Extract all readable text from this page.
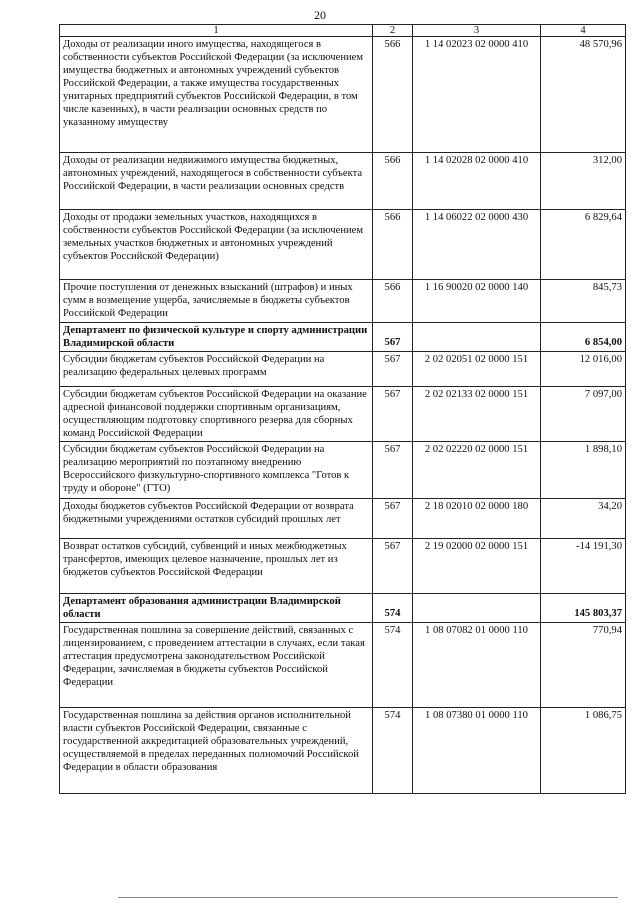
20
1	2	3	4
Доходы от реализации иного имущества, находящегося в собственности субъектов Российской Федерации (за исключением имущества бюджетных и автономных учреждений субъектов Российской Федерации, а также имущества государственных унитарных предприятий субъектов Российской Федерации, в том числе казенных), в части реализации основных средств по указанному имуществу	566	1 14 02023 02 0000 410	48 570,96
Доходы от реализации недвижимого имущества бюджетных, автономных учреждений, находящегося в собственности субъекта Российской Федерации, в части реализации основных средств	566	1 14 02028 02 0000 410	312,00
Доходы от продажи земельных участков, находящихся в собственности субъектов Российской Федерации (за исключением земельных участков бюджетных и автономных учреждений субъектов Российской Федерации)	566	1 14 06022 02 0000 430	6 829,64
Прочие поступления от денежных взысканий (штрафов) и иных сумм в возмещение ущерба, зачисляемые в бюджеты субъектов Российской Федерации	566	1 16 90020 02 0000 140	845,73
Департамент по физической культуре и спорту администрации Владимирской области	567		6 854,00
Субсидии бюджетам субъектов Российской Федерации на реализацию федеральных целевых программ	567	2 02 02051 02 0000 151	12 016,00
Субсидии бюджетам субъектов Российской Федерации на оказание адресной финансовой поддержки спортивным организациям, осуществляющим подготовку спортивного резерва для сборных команд Российской Федерации	567	2 02 02133 02 0000 151	7 097,00
Субсидии бюджетам субъектов Российской Федерации на реализацию мероприятий по поэтапному внедрению Всероссийского физкультурно-спортивного комплекса "Готов к труду и обороне" (ГТО)	567	2 02 02220 02 0000 151	1 898,10
Доходы бюджетов субъектов Российской Федерации от возврата бюджетными учреждениями остатков субсидий прошлых лет	567	2 18 02010 02 0000 180	34,20
Возврат остатков субсидий, субвенций и иных межбюджетных трансфертов, имеющих целевое назначение, прошлых лет из бюджетов субъектов Российской Федерации	567	2 19 02000 02 0000 151	-14 191,30
Департамент образования администрации Владимирской области	574		145 803,37
Государственная пошлина за совершение действий, связанных с лицензированием, с проведением аттестации в случаях, если такая аттестация предусмотрена законодательством Российской Федерации, зачисляемая в бюджеты субъектов Российской Федерации	574	1 08 07082 01 0000 110	770,94
Государственная пошлина за действия органов исполнительной власти субъектов Российской Федерации, связанные с государственной аккредитацией образовательных учреждений, осуществляемой в пределах переданных полномочий Российской Федерации в области образования	574	1 08 07380 01 0000 110	1 086,75
